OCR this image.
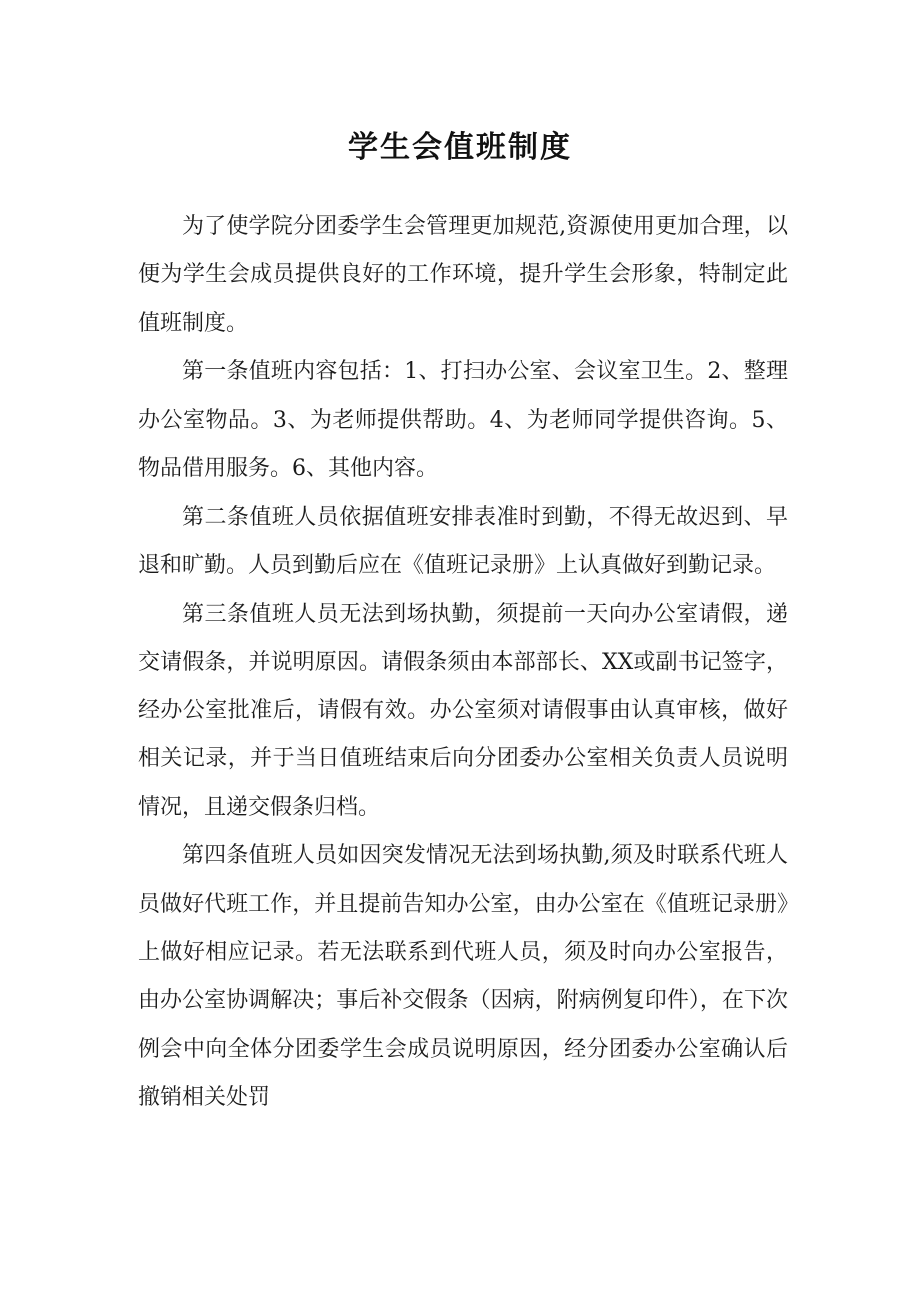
学生会值班制度

为了使学院分团委学生会管理更加规范,资源使用更加合理，以便为学生会成员提供良好的工作环境，提升学生会形象，特制定此值班制度。

第一条值班内容包括：1、打扫办公室、会议室卫生。2、整理办公室物品。3、为老师提供帮助。4、为老师同学提供咨询。5、物品借用服务。6、其他内容。

第二条值班人员依据值班安排表准时到勤，不得无故迟到、早退和旷勤。人员到勤后应在《值班记录册》上认真做好到勤记录。

第三条值班人员无法到场执勤，须提前一天向办公室请假，递交请假条，并说明原因。请假条须由本部部长、XX或副书记签字，经办公室批准后，请假有效。办公室须对请假事由认真审核，做好相关记录，并于当日值班结束后向分团委办公室相关负责人员说明情况，且递交假条归档。

第四条值班人员如因突发情况无法到场执勤,须及时联系代班人员做好代班工作，并且提前告知办公室，由办公室在《值班记录册》上做好相应记录。若无法联系到代班人员，须及时向办公室报告，由办公室协调解决；事后补交假条（因病，附病例复印件），在下次例会中向全体分团委学生会成员说明原因，经分团委办公室确认后撤销相关处罚
